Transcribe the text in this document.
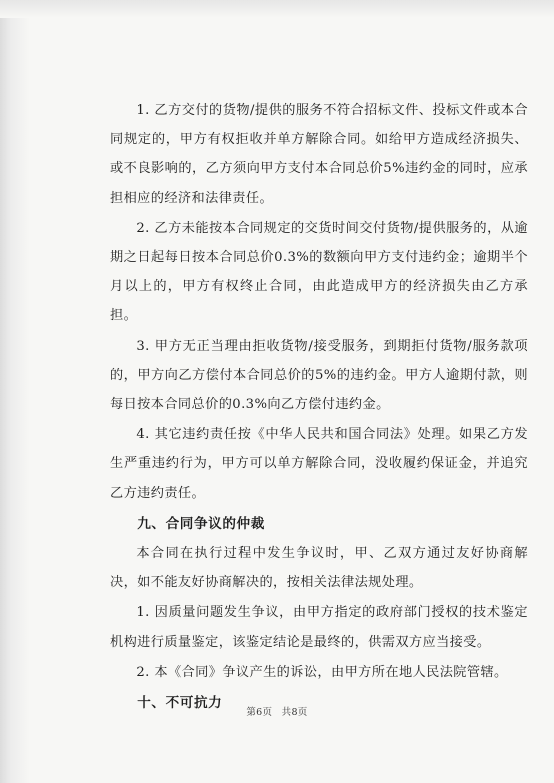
1. 乙方交付的货物/提供的服务不符合招标文件、投标文件或本合同规定的，甲方有权拒收并单方解除合同。如给甲方造成经济损失、或不良影响的，乙方须向甲方支付本合同总价5%违约金的同时，应承担相应的经济和法律责任。

2. 乙方未能按本合同规定的交货时间交付货物/提供服务的，从逾期之日起每日按本合同总价0.3%的数额向甲方支付违约金；逾期半个月以上的，甲方有权终止合同，由此造成甲方的经济损失由乙方承担。

3. 甲方无正当理由拒收货物/接受服务，到期拒付货物/服务款项的，甲方向乙方偿付本合同总价的5%的违约金。甲方人逾期付款，则每日按本合同总价的0.3%向乙方偿付违约金。

4. 其它违约责任按《中华人民共和国合同法》处理。如果乙方发生严重违约行为，甲方可以单方解除合同，没收履约保证金，并追究乙方违约责任。

九、合同争议的仲裁

本合同在执行过程中发生争议时，甲、乙双方通过友好协商解决，如不能友好协商解决的，按相关法律法规处理。

1. 因质量问题发生争议，由甲方指定的政府部门授权的技术鉴定机构进行质量鉴定，该鉴定结论是最终的，供需双方应当接受。

2. 本《合同》争议产生的诉讼，由甲方所在地人民法院管辖。

十、不可抗力

第6页 共8页
